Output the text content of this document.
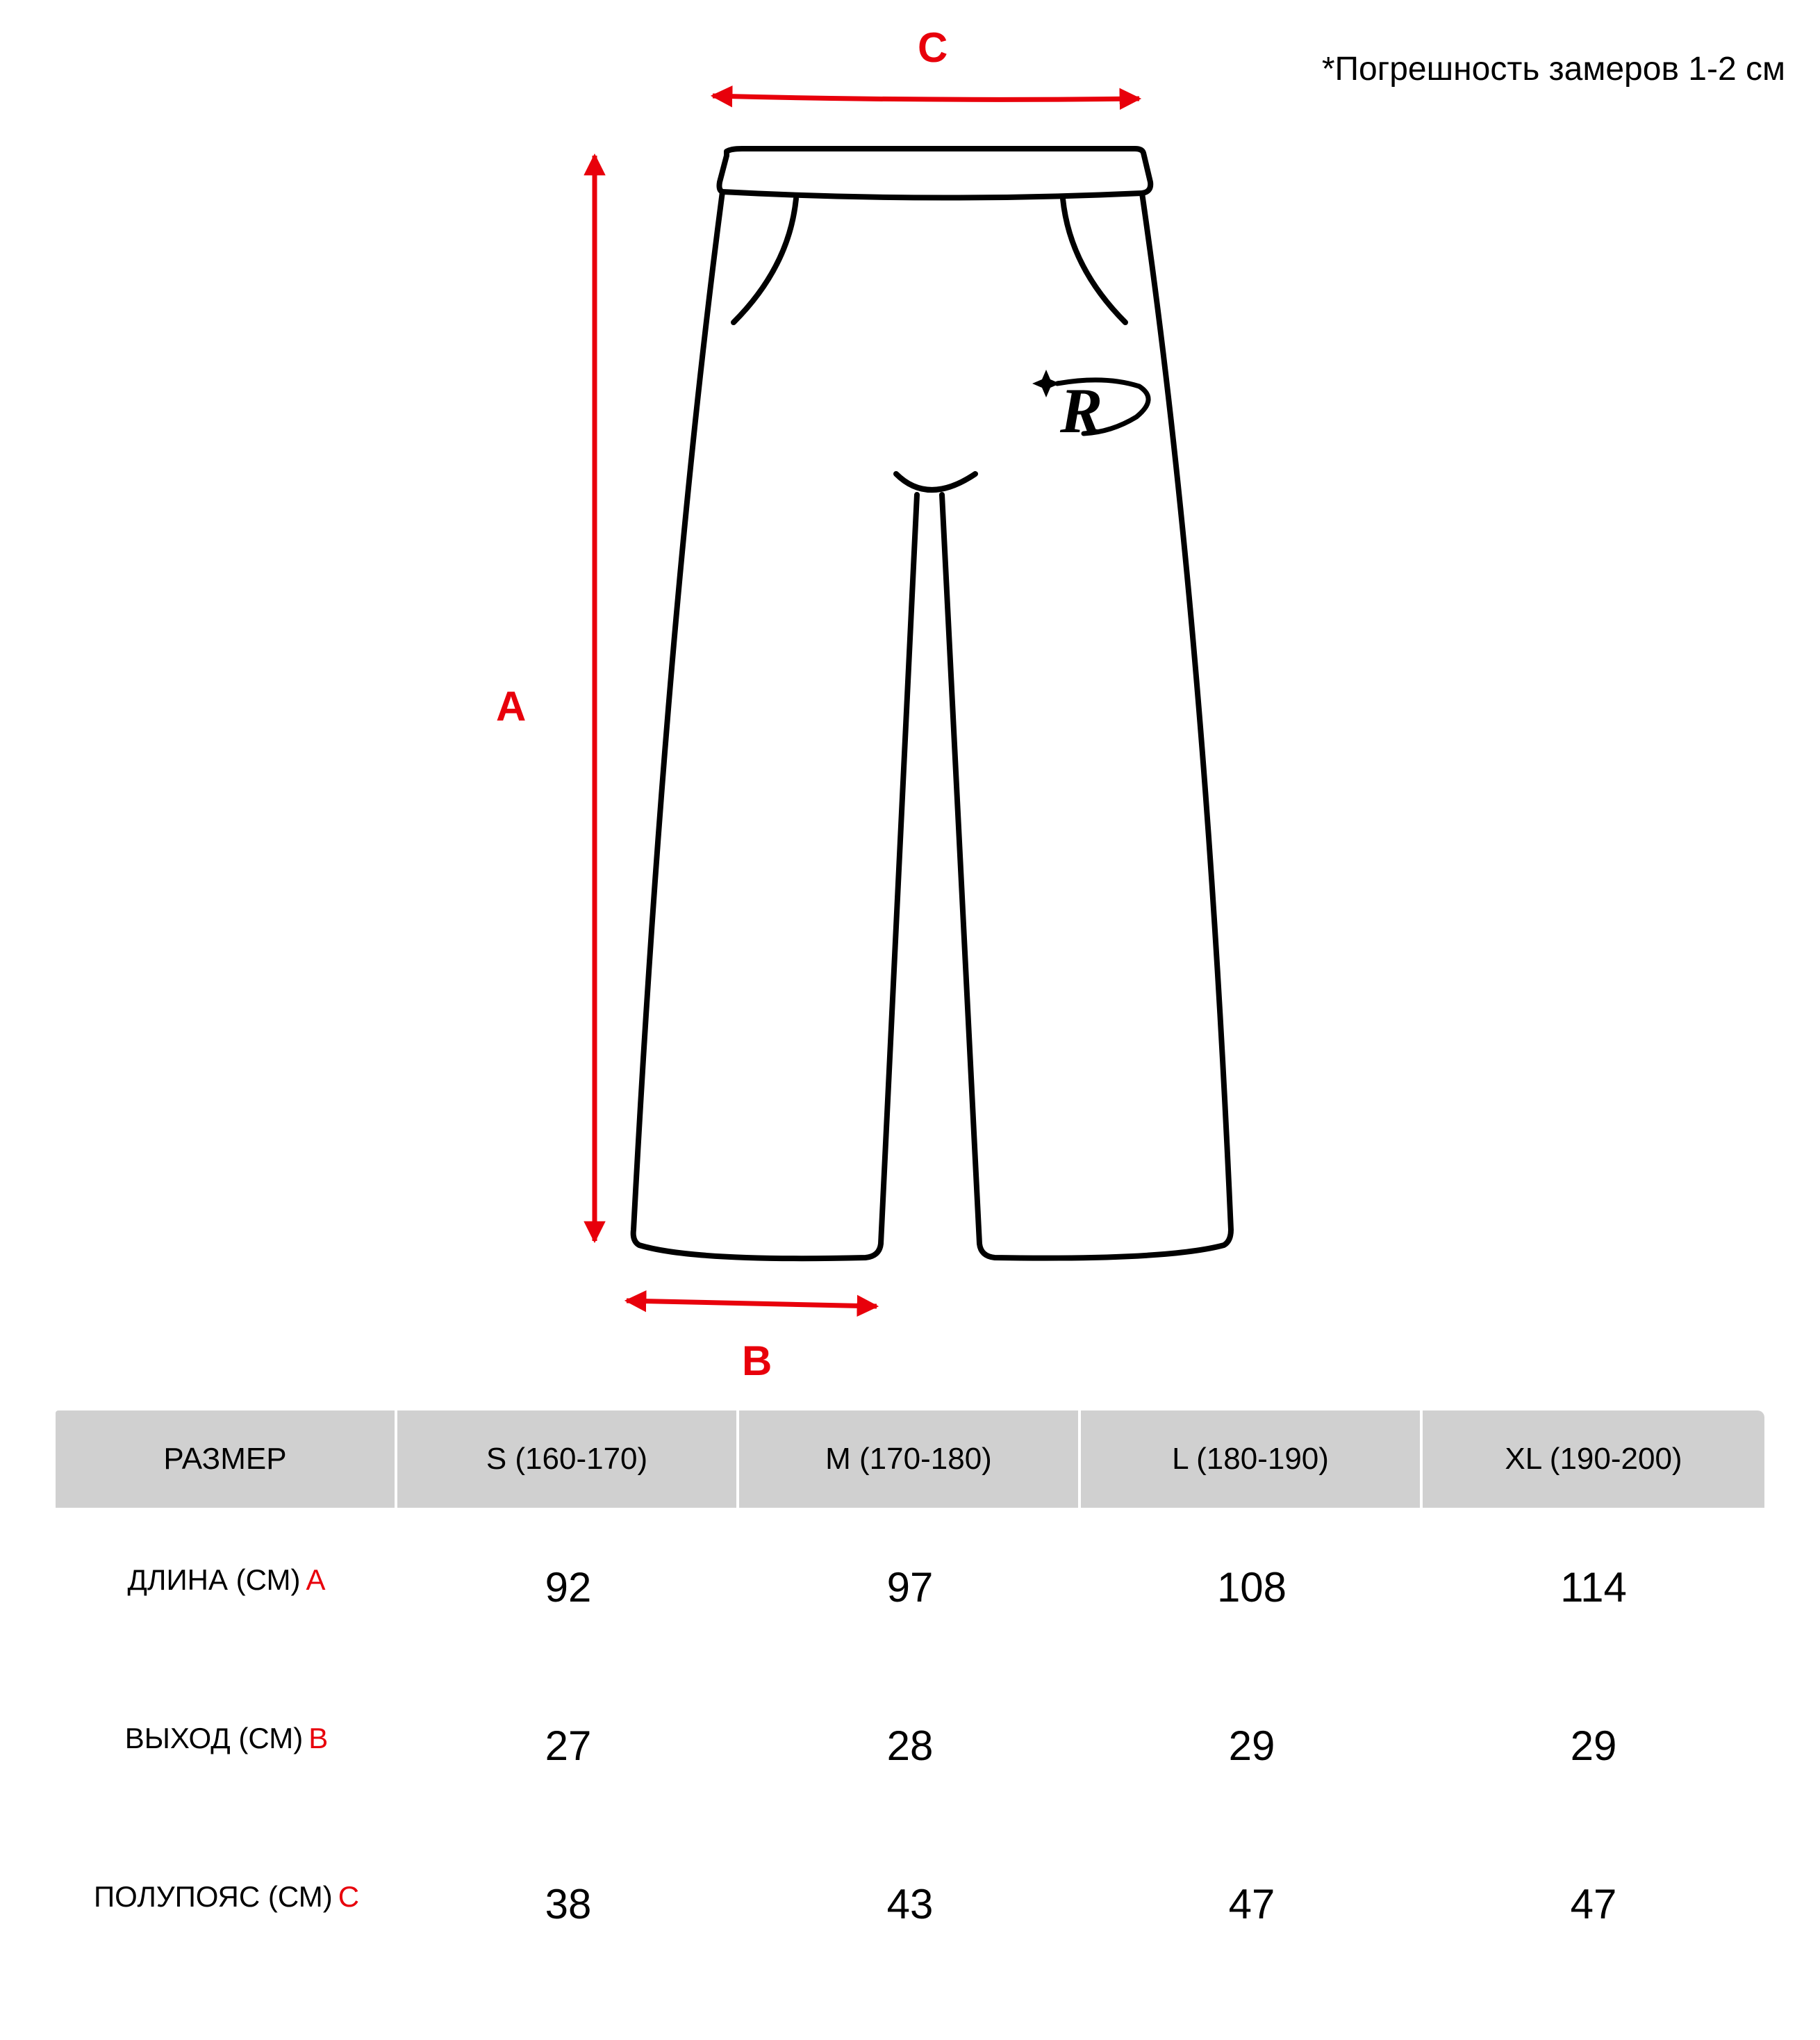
R
A
B
C	*Погрешность замеров 1-2 см
РАЗМЕР	S (160-170)	M (170-180)	L (180-190)	XL (190-200)
ДЛИНА (СМ) A	92	97	108	114
ВЫХОД (СМ) B	27	28	29	29
ПОЛУПОЯС (СМ) C	38	43	47	47
